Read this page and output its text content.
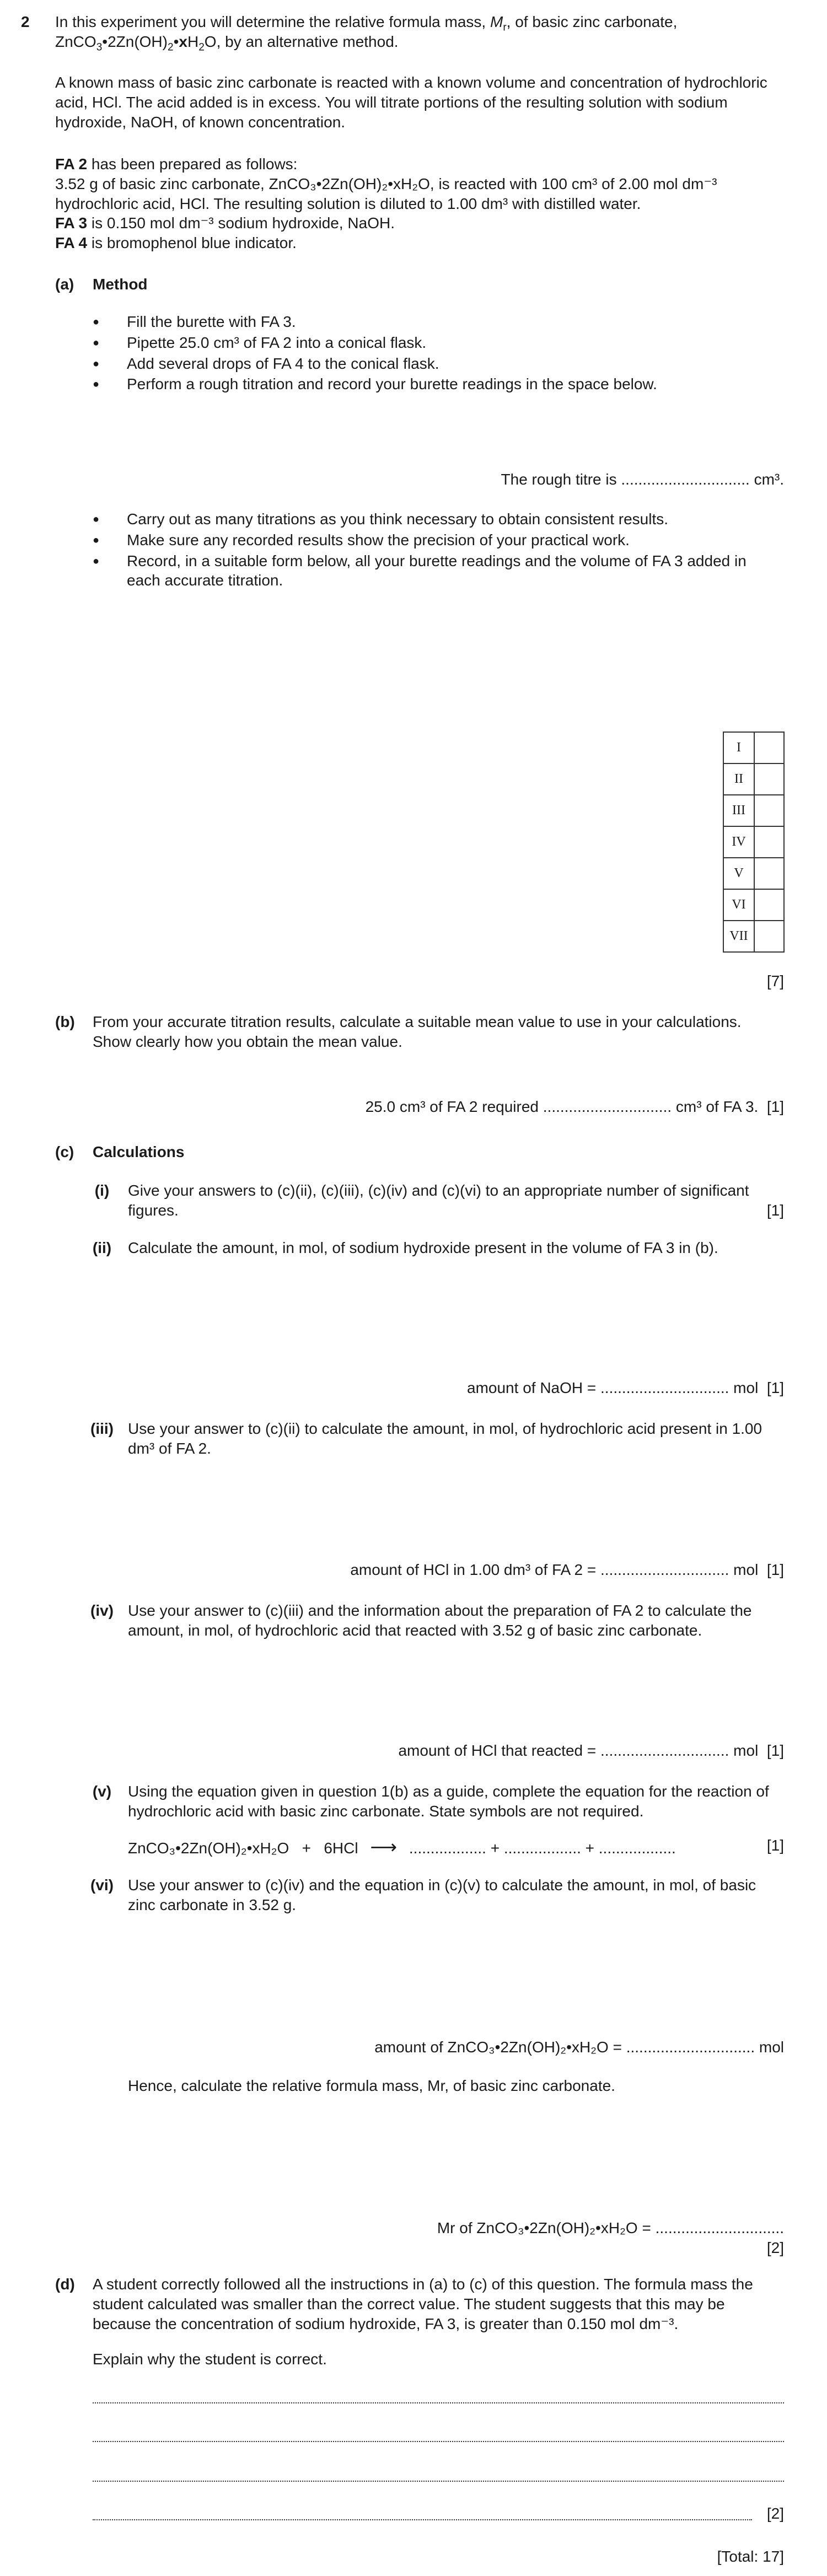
2 In this experiment you will determine the relative formula mass, $M_r$, of basic zinc carbonate,
$ZnCO_3•2Zn(OH)_2•xH_2O$, by an alternative method.
A known mass of basic zinc carbonate is reacted with a known volume and concentration of hydrochloric acid, HCl. The acid added is in excess. You will titrate portions of the resulting solution with sodium hydroxide, NaOH, of known concentration.
FA 2 has been prepared as follows:
3.52 g of basic zinc carbonate, ZnCO₃•2Zn(OH)₂•xH₂O, is reacted with 100 cm³ of 2.00 mol dm⁻³
hydrochloric acid, HCl. The resulting solution is diluted to 1.00 dm³ with distilled water.
FA 3 is 0.150 mol dm⁻³ sodium hydroxide, NaOH.
FA 4 is bromophenol blue indicator.
(a) Method
● Fill the burette with FA 3.
● Pipette 25.0 cm³ of FA 2 into a conical flask.
● Add several drops of FA 4 to the conical flask.
● Perform a rough titration and record your burette readings in the space below.
The rough titre is .............................. cm³.
● Carry out as many titrations as you think necessary to obtain consistent results.
● Make sure any recorded results show the precision of your practical work.
● Record, in a suitable form below, all your burette readings and the volume of FA 3 added in each accurate titration.
I	
II	
III	
IV	
V	
VI	
VII	
[7]
(b) From your accurate titration results, calculate a suitable mean value to use in your calculations. Show clearly how you obtain the mean value.
25.0 cm³ of FA 2 required .............................. cm³ of FA 3. [1]
(c) Calculations
(i)	Give your answers to (c)(ii), (c)(iii), (c)(iv) and (c)(vi) to an appropriate number of significant figures.	[1]
(ii)	Calculate the amount, in mol, of sodium hydroxide present in the volume of FA 3 in (b).
amount of NaOH = .............................. mol [1]
(iii) Use your answer to (c)(ii) to calculate the amount, in mol, of hydrochloric acid present in 1.00 dm³ of FA 2.
amount of HCl in 1.00 dm³ of FA 2 = .............................. mol [1]
(iv) Use your answer to (c)(iii) and the information about the preparation of FA 2 to calculate the amount, in mol, of hydrochloric acid that reacted with 3.52 g of basic zinc carbonate.
amount of HCl that reacted = .............................. mol [1]
(v)	Using the equation given in question 1(b) as a guide, complete the equation for the reaction of hydrochloric acid with basic zinc carbonate. State symbols are not required.
ZnCO₃•2Zn(OH)₂•xH₂O   +   6HCl ⟶ .................. + .................. + ..................	[1]
(vi) Use your answer to (c)(iv) and the equation in (c)(v) to calculate the amount, in mol, of basic zinc carbonate in 3.52 g.
amount of ZnCO₃•2Zn(OH)₂•xH₂O = .............................. mol
Hence, calculate the relative formula mass, Mr, of basic zinc carbonate.
Mr of ZnCO₃•2Zn(OH)₂•xH₂O = ..............................
[2]
(d) A student correctly followed all the instructions in (a) to (c) of this question. The formula mass the student calculated was smaller than the correct value. The student suggests that this may be because the concentration of sodium hydroxide, FA 3, is greater than 0.150 mol dm⁻³.
Explain why the student is correct.
[2]
[Total: 17]
